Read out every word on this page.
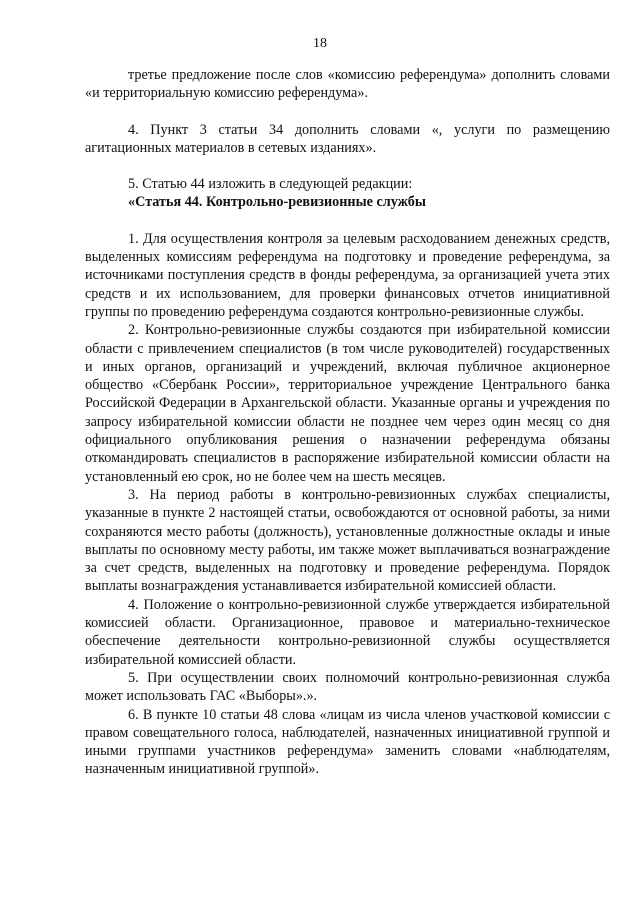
18

третье предложение после слов «комиссию референдума» дополнить словами «и территориальную комиссию референдума».

4. Пункт 3 статьи 34 дополнить словами «, услуги по размещению агитационных материалов в сетевых изданиях».

5. Статью 44 изложить в следующей редакции:

«Статья 44. Контрольно-ревизионные службы

1. Для осуществления контроля за целевым расходованием денежных средств, выделенных комиссиям референдума на подготовку и проведение референдума, за источниками поступления средств в фонды референдума, за организацией учета этих средств и их использованием, для проверки финансовых отчетов инициативной группы по проведению референдума создаются контрольно-ревизионные службы.

2. Контрольно-ревизионные службы создаются при избирательной комиссии области с привлечением специалистов (в том числе руководителей) государственных и иных органов, организаций и учреждений, включая публичное акционерное общество «Сбербанк России», территориальное учреждение Центрального банка Российской Федерации в Архангельской области. Указанные органы и учреждения по запросу избирательной комиссии области не позднее чем через один месяц со дня официального опубликования решения о назначении референдума обязаны откомандировать специалистов в распоряжение избирательной комиссии области на установленный ею срок, но не более чем на шесть месяцев.

3. На период работы в контрольно-ревизионных службах специалисты, указанные в пункте 2 настоящей статьи, освобождаются от основной работы, за ними сохраняются место работы (должность), установленные должностные оклады и иные выплаты по основному месту работы, им также может выплачиваться вознаграждение за счет средств, выделенных на подготовку и проведение референдума. Порядок выплаты вознаграждения устанавливается избирательной комиссией области.

4. Положение о контрольно-ревизионной службе утверждается избирательной комиссией области. Организационное, правовое и материально-техническое обеспечение деятельности контрольно-ревизионной службы осуществляется избирательной комиссией области.

5. При осуществлении своих полномочий контрольно-ревизионная служба может использовать ГАС «Выборы».».

6. В пункте 10 статьи 48 слова «лицам из числа членов участковой комиссии с правом совещательного голоса, наблюдателей, назначенных инициативной группой и иными группами участников референдума» заменить словами «наблюдателям, назначенным инициативной группой».
